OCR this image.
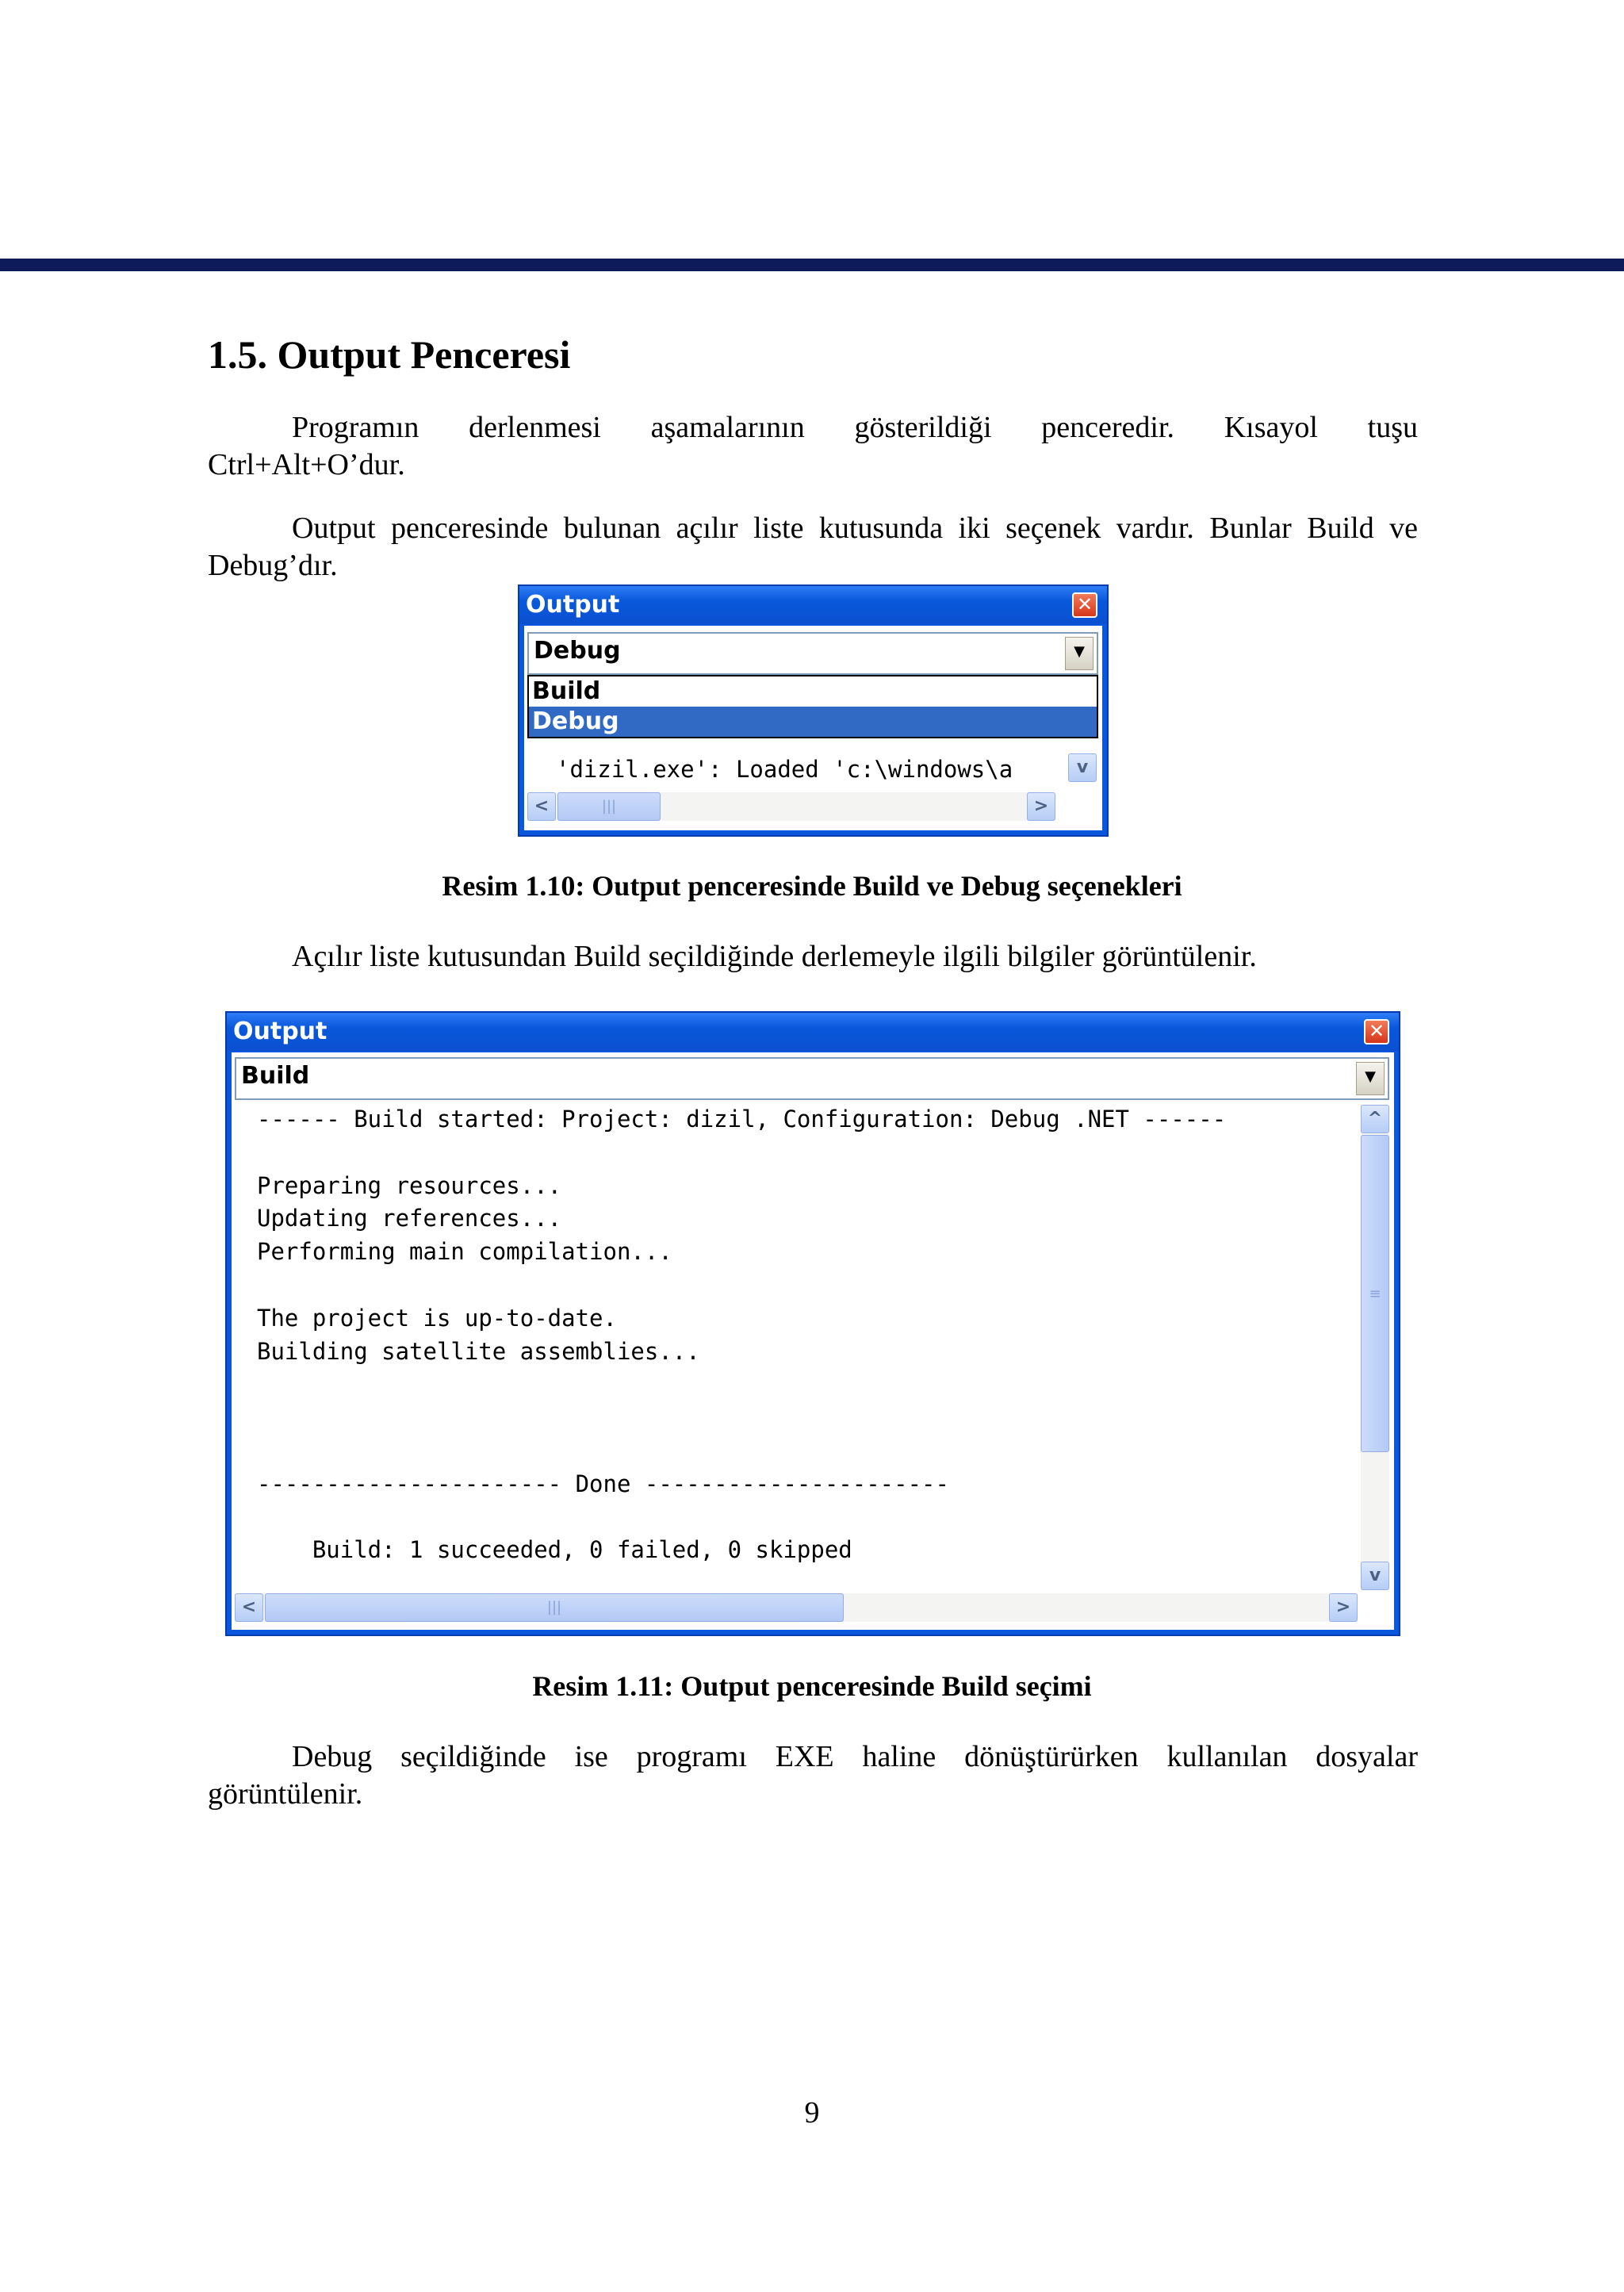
1.5. Output Penceresi
Programın derlenmesi aşamalarının gösterildiği penceredir. Kısayol tuşu
Ctrl+Alt+O’dur.
Output penceresinde bulunan açılır liste kutusunda iki seçenek vardır. Bunlar Build ve
Debug’dır.
Output	✕
Debug	▼
Build
Debug
'dizil.exe': Loaded 'c:\windows\a	v
<	|||	>

Resim 1.10: Output penceresinde Build ve Debug seçenekleri

Açılır liste kutusundan Build seçildiğinde derlemeyle ilgili bilgiler görüntülenir.

Output	✕
Build	▼
------ Build started: Project: dizil, Configuration: Debug .NET ------
Preparing resources...
Updating references...
Performing main compilation...
The project is up-to-date.
Building satellite assemblies...
---------------------- Done ----------------------
Build: 1 succeeded, 0 failed, 0 skipped
^
≡
v
<	|||	>

Resim 1.11: Output penceresinde Build seçimi

Debug seçildiğinde ise programı EXE haline dönüştürürken kullanılan dosyalar
görüntülenir.
9
